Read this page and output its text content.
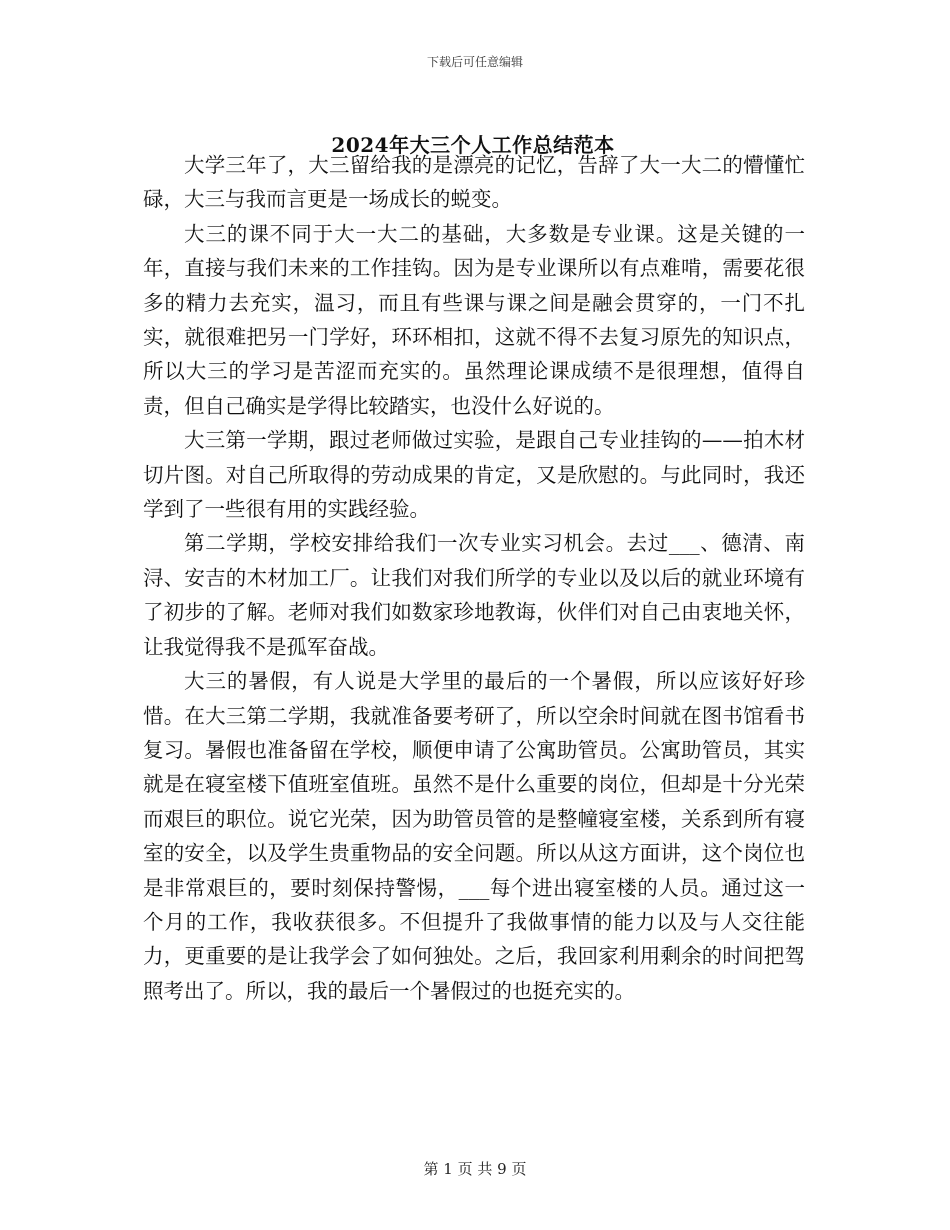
下载后可任意编辑
2024年大三个人工作总结范本

大学三年了，大三留给我的是漂亮的记忆，告辞了大一大二的懵懂忙碌，大三与我而言更是一场成长的蜕变。

大三的课不同于大一大二的基础，大多数是专业课。这是关键的一年，直接与我们未来的工作挂钩。因为是专业课所以有点难啃，需要花很多的精力去充实，温习，而且有些课与课之间是融会贯穿的，一门不扎实，就很难把另一门学好，环环相扣，这就不得不去复习原先的知识点，所以大三的学习是苦涩而充实的。虽然理论课成绩不是很理想，值得自责，但自己确实是学得比较踏实，也没什么好说的。

大三第一学期，跟过老师做过实验，是跟自己专业挂钩的——拍木材切片图。对自己所取得的劳动成果的肯定，又是欣慰的。与此同时，我还学到了一些很有用的实践经验。

第二学期，学校安排给我们一次专业实习机会。去过___、德清、南浔、安吉的木材加工厂。让我们对我们所学的专业以及以后的就业环境有了初步的了解。老师对我们如数家珍地教诲，伙伴们对自己由衷地关怀，让我觉得我不是孤军奋战。

大三的暑假，有人说是大学里的最后的一个暑假，所以应该好好珍惜。在大三第二学期，我就准备要考研了，所以空余时间就在图书馆看书复习。暑假也准备留在学校，顺便申请了公寓助管员。公寓助管员，其实就是在寝室楼下值班室值班。虽然不是什么重要的岗位，但却是十分光荣而艰巨的职位。说它光荣，因为助管员管的是整幢寝室楼，关系到所有寝室的安全，以及学生贵重物品的安全问题。所以从这方面讲，这个岗位也是非常艰巨的，要时刻保持警惕，___每个进出寝室楼的人员。通过这一个月的工作，我收获很多。不但提升了我做事情的能力以及与人交往能力，更重要的是让我学会了如何独处。之后，我回家利用剩余的时间把驾照考出了。所以，我的最后一个暑假过的也挺充实的。

第 1 页 共 9 页
